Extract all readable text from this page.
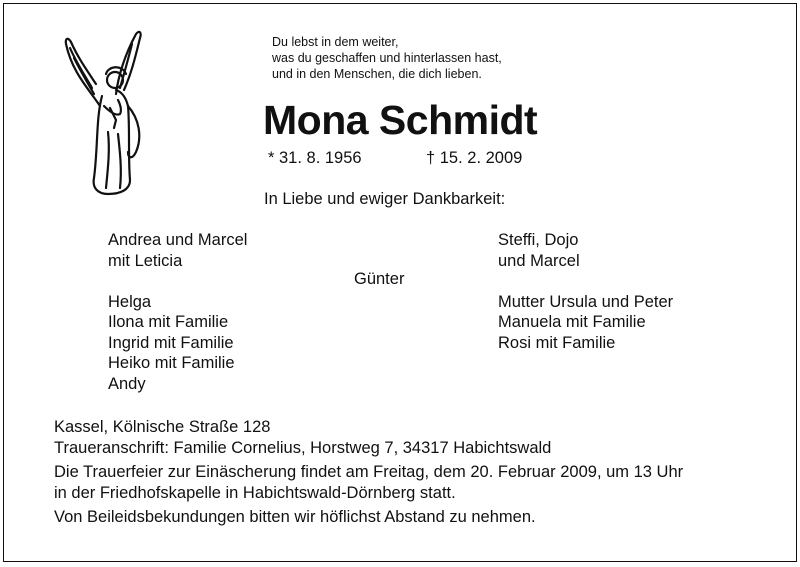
Du lebst in dem weiter,
was du geschaffen und hinterlassen hast,
und in den Menschen, die dich lieben.
Mona Schmidt
* 31. 8. 1956	† 15. 2. 2009
In Liebe und ewiger Dankbarkeit:
Andrea und Marcel
mit Leticia
Helga
Ilona mit Familie
Ingrid mit Familie
Heiko mit Familie
Andy
Günter
Steffi, Dojo
und Marcel
Mutter Ursula und Peter
Manuela mit Familie
Rosi mit Familie
Kassel, Kölnische Straße 128
Traueranschrift: Familie Cornelius, Horstweg 7, 34317 Habichtswald
Die Trauerfeier zur Einäscherung findet am Freitag, dem 20. Februar 2009, um 13 Uhr
in der Friedhofskapelle in Habichtswald-Dörnberg statt.
Von Beileidsbekundungen bitten wir höflichst Abstand zu nehmen.
